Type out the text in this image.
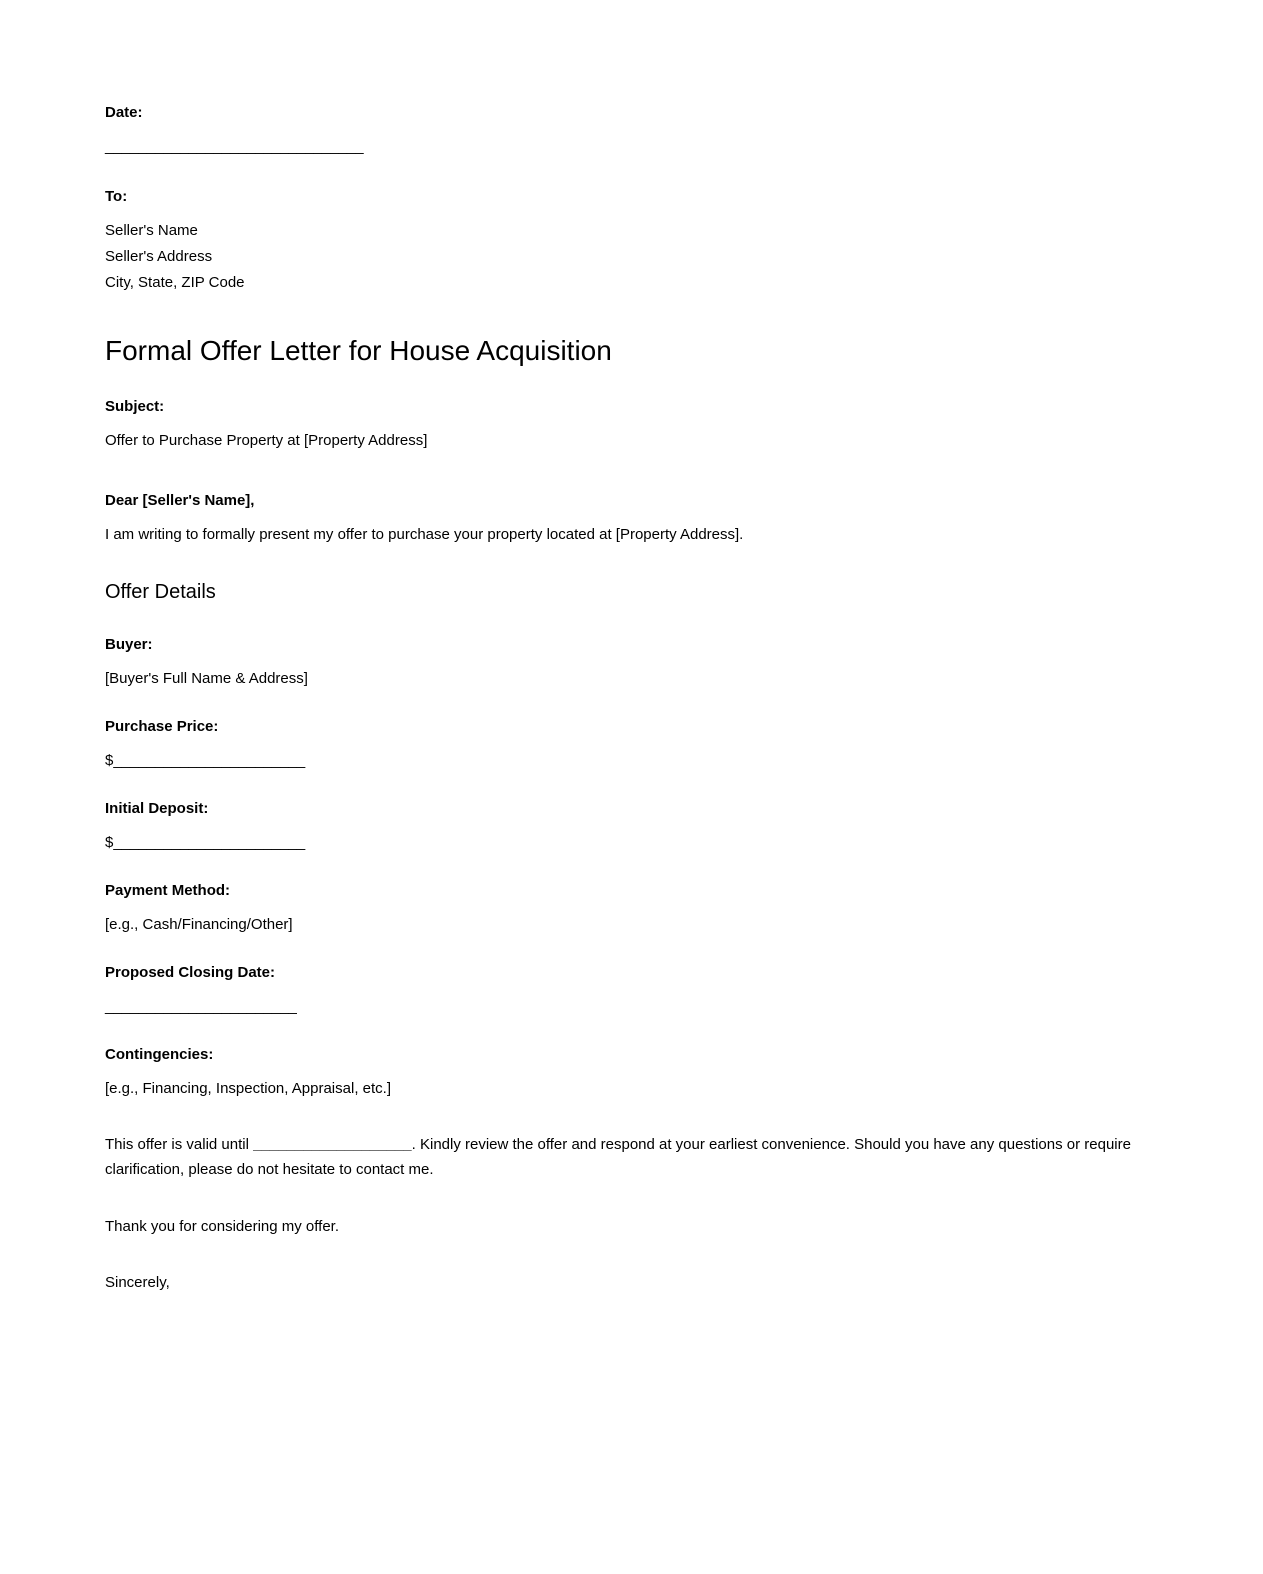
Date:

_______________________________

To:

Seller's Name

Seller's Address

City, State, ZIP Code

Formal Offer Letter for House Acquisition

Subject:

Offer to Purchase Property at [Property Address]

Dear [Seller's Name],

I am writing to formally present my offer to purchase your property located at [Property Address].

Offer Details

Buyer:

[Buyer's Full Name & Address]

Purchase Price:

$_______________________

Initial Deposit:

$_______________________

Payment Method:

[e.g., Cash/Financing/Other]

Proposed Closing Date:

_______________________

Contingencies:

[e.g., Financing, Inspection, Appraisal, etc.]

This offer is valid until ___________________. Kindly review the offer and respond at your earliest convenience. Should you have any questions or require clarification, please do not hesitate to contact me.

Thank you for considering my offer.

Sincerely,
